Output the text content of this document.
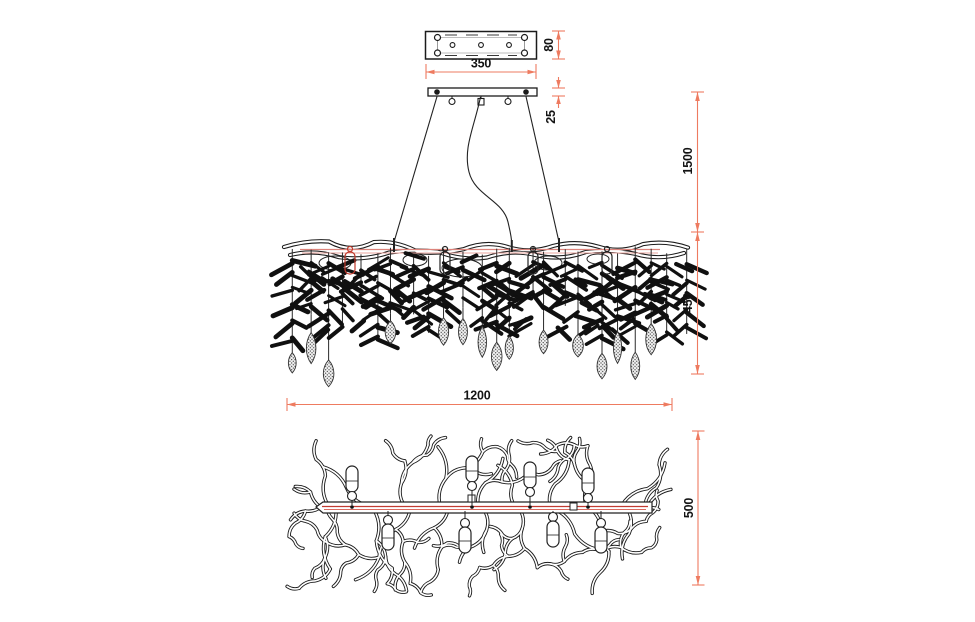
350
80
25
1500
450
1200
500
